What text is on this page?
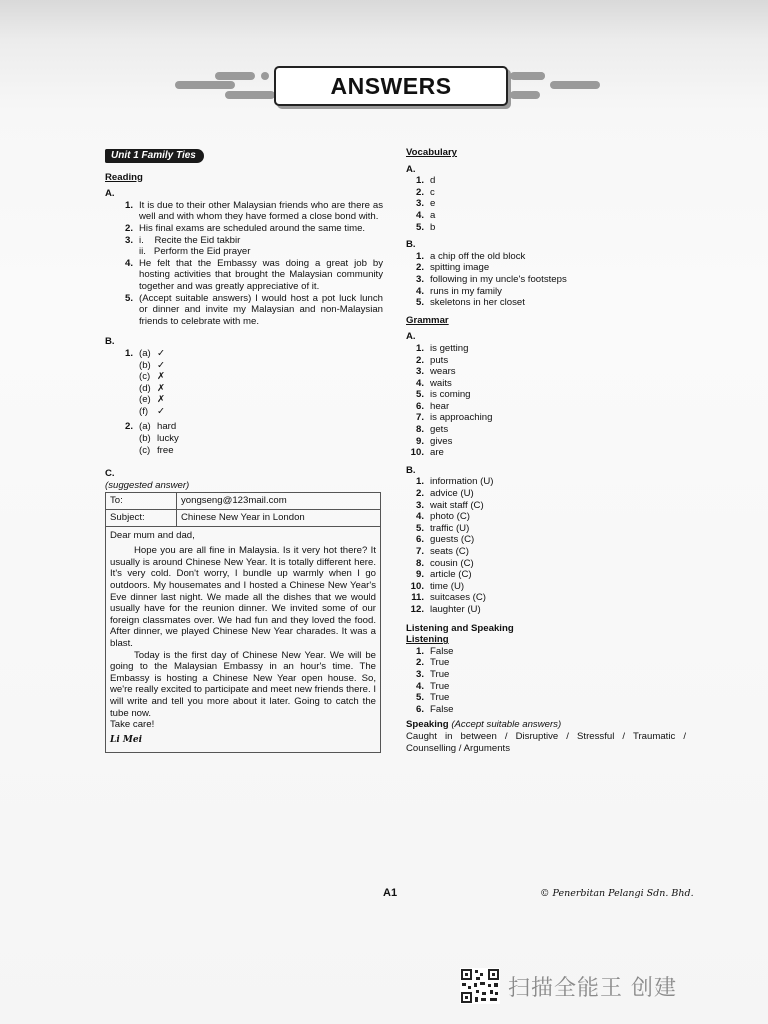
ANSWERS
Unit 1 Family Ties
Reading
A.
1. It is due to their other Malaysian friends who are there as well and with whom they have formed a close bond with.
2. His final exams are scheduled around the same time.
3. i.    Recite the Eid takbir
ii.   Perform the Eid prayer
4. He felt that the Embassy was doing a great job by hosting activities that brought the Malaysian community together and was greatly appreciative of it.
5. (Accept suitable answers) I would host a pot luck lunch or dinner and invite my Malaysian and non-Malaysian friends to celebrate with me.
B.
1. (a) ✓
(b) ✓
(c) ✗
(d) ✗
(e) ✗
(f) ✓
2. (a) hard
(b) lucky
(c) free
C.
(suggested answer)
To:	yongseng@123mail.com
Subject:	Chinese New Year in London

Dear mum and dad,

Hope you are all fine in Malaysia. Is it very hot there? It usually is around Chinese New Year. It is totally different here. It's very cold. Don't worry, I bundle up warmly when I go outdoors. My housemates and I hosted a Chinese New Year's Eve dinner last night. We made all the dishes that we would usually have for the reunion dinner. We invited some of our foreign classmates over. We had fun and they loved the food. After dinner, we played Chinese New Year charades. It was a blast.

Today is the first day of Chinese New Year. We will be going to the Malaysian Embassy in an hour's time. The Embassy is hosting a Chinese New Year open house. So, we're really excited to participate and meet new friends there. I will write and tell you more about it later. Going to catch the tube now.

Take care!

Li Mei
Vocabulary
A.
1. d
2. c
3. e
4. a
5. b
B.
1. a chip off the old block
2. spitting image
3. following in my uncle's footsteps
4. runs in my family
5. skeletons in her closet
Grammar
A.
1. is getting
2. puts
3. wears
4. waits
5. is coming
6. hear
7. is approaching
8. gets
9. gives
10. are
B.
1. information (U)
2. advice (U)
3. wait staff (C)
4. photo (C)
5. traffic (U)
6. guests (C)
7. seats (C)
8. cousin (C)
9. article (C)
10. time (U)
11. suitcases (C)
12. laughter (U)
Listening and Speaking
Listening
1. False
2. True
3. True
4. True
5. True
6. False
Speaking (Accept suitable answers)
Caught in between / Disruptive / Stressful / Traumatic / Counselling / Arguments
A1	© Penerbitan Pelangi Sdn. Bhd.
扫描全能王 创建
